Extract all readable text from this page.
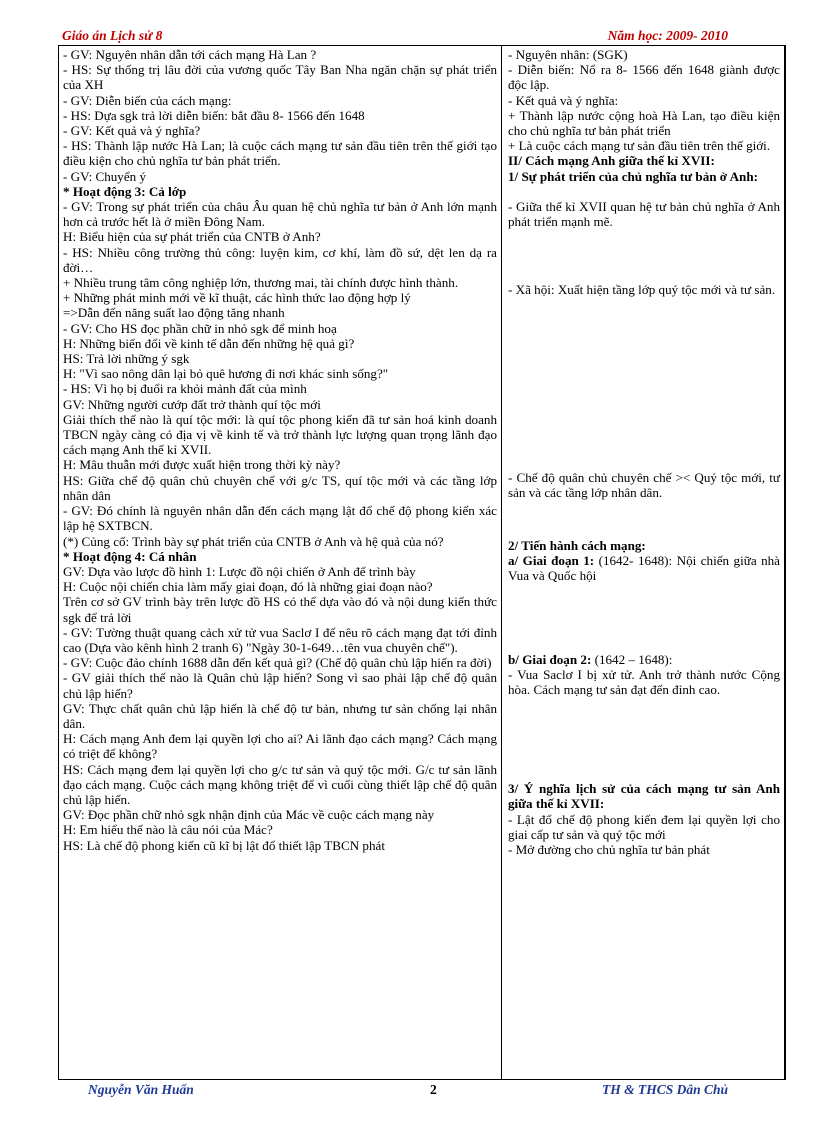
Giáo án Lịch sử 8	Năm học: 2009- 2010

- GV: Nguyên nhân dẫn tới cách mạng Hà Lan ?

- HS: Sự thống trị lâu đời của vương quốc Tây Ban Nha ngăn chặn sự phát triển của XH

- GV: Diễn biến của cách mạng:

- HS: Dựa sgk trả lời diễn biến: bắt đầu 8- 1566 đến 1648

- GV: Kết quả và ý nghĩa?

- HS: Thành lập nước Hà Lan; là cuộc cách mạng tư sản đầu tiên trên thế giới tạo điều kiện cho chủ nghĩa tư bản phát triển.

- GV: Chuyển ý

* Hoạt động 3: Cả lớp

- GV: Trong sự phát triển của châu Âu quan hệ chủ nghĩa tư bản ở Anh lớn mạnh hơn cả trước hết là ở miền Đông Nam.

H: Biểu hiện của sự phát triển của CNTB ở Anh?

- HS: Nhiều công trường thủ công: luyện kim, cơ khí, làm đồ sứ, dệt len dạ ra đời…

+ Nhiều trung tâm công nghiệp lớn, thương mai, tài chính được hình thành.

+ Những phát minh mới về kĩ thuật, các hình thức lao động hợp lý

=>Dẫn đến năng suất lao động tăng nhanh

- GV: Cho HS đọc phần chữ in nhỏ sgk để minh hoạ

H: Những biến đổi về kinh tế dẫn đến những hệ quả gì?

HS: Trả lời những ý sgk

H: "Vì sao nông dân lại bỏ quê hương đi nơi khác sinh sống?"

- HS: Vì họ bị đuổi ra khỏi mảnh đất của mình

GV: Những người cướp đất trở thành quí tộc mới

Giải thích thế nào là quí tộc mới: là quí tộc phong kiến đã tư sản hoá kinh doanh TBCN ngày càng có địa vị về kinh tế và trở thành lực lượng quan trọng lãnh đạo cách mạng Anh thế kỉ XVII.

H: Mâu thuẫn mới được xuất hiện trong thời kỳ này?

HS: Giữa chế độ quân chủ chuyên chế với g/c TS, quí tộc mới và các tầng lớp nhân dân

- GV: Đó chính là nguyên nhân dẫn đến cách mạng lật đổ chế độ phong kiến xác lập hệ SXTBCN.

(*) Củng cố: Trình bày sự phát triển của CNTB ở Anh và hệ quả của nó?

* Hoạt động 4: Cá nhân

GV: Dựa vào lược đồ hình 1: Lược đồ nội chiến ở Anh để trình bày

H: Cuộc nội chiến chia làm mấy giai đoạn, đó là những giai đoạn nào?

Trên cơ sở GV trình bày trên lược đồ HS có thể dựa vào đó và nội dung kiến thức sgk để trả lời

- GV: Tường thuật quang cảch xử tử vua Saclơ I để nêu rõ cách mạng đạt tới đỉnh cao (Dựa vào kênh hình 2 tranh 6) "Ngày 30-1-649…tên vua chuyên chế").

- GV: Cuộc đảo chính 1688 dẫn đến kết quả gì? (Chế độ quân chủ lập hiến ra đời)

- GV giải thích thế nào là Quân chủ lập hiến? Song vì sao phải lập chế độ quân chủ lập hiến?

GV: Thực chất quân chủ lập hiến là chế độ tư bản, nhưng tư sản chống lại nhân dân.

H: Cách mạng Anh đem lại quyền lợi cho ai? Ai lãnh đạo cách mạng? Cách mạng có triệt để không?

HS: Cách mạng đem lại quyền lợi cho g/c tư sản và quý tộc mới. G/c tư sản lãnh đạo cách mạng. Cuộc cách mạng không triệt để vì cuối cùng thiết lập chế độ quân chủ lập hiến.

GV: Đọc phần chữ nhỏ sgk nhận định của Mác về cuộc cách mạng này

H: Em hiểu thế nào là câu nói của Mác?

HS: Là chế độ phong kiến cũ kĩ bị lật đổ thiết lập TBCN phát

- Nguyên nhân: (SGK)

- Diễn biến: Nổ ra 8- 1566 đến 1648 giành được độc lập.

- Kết quả và ý nghĩa:

+ Thành lập nước cộng hoà Hà Lan, tạo điều kiện cho chủ nghĩa tư bản phát triển

+ Là cuộc cách mạng tư sản đầu tiên trên thế giới.

II/ Cách mạng Anh giữa thế kỉ XVII:

1/ Sự phát triển của chủ nghĩa tư bản ở Anh:

- Giữa thế kỉ XVII quan hệ tư bản chủ nghĩa ở Anh phát triển mạnh mẽ.

- Xã hội: Xuất hiện tầng lớp quý tộc mới và tư sản.

- Chế độ quân chủ chuyên chế >< Quý tộc mới, tư sản và các tầng lớp nhân dân.

2/ Tiến hành cách mạng:

a/ Giai đoạn 1: (1642- 1648): Nội chiến giữa nhà Vua và Quốc hội

b/ Giai đoạn 2: (1642 – 1648):

- Vua Saclơ I bị xử tử. Anh trở thành nước Cộng hòa. Cách mạng tư sản đạt đến đỉnh cao.

3/ Ý nghĩa lịch sử của cách mạng tư sản Anh giữa thế kỉ XVII:

- Lật đổ chế độ phong kiến đem lại quyền lợi cho giai cấp tư sản và quý tộc mới

- Mở đường cho chủ nghĩa tư bản phát

Nguyễn Văn Huấn	2	TH & THCS Dân Chủ
